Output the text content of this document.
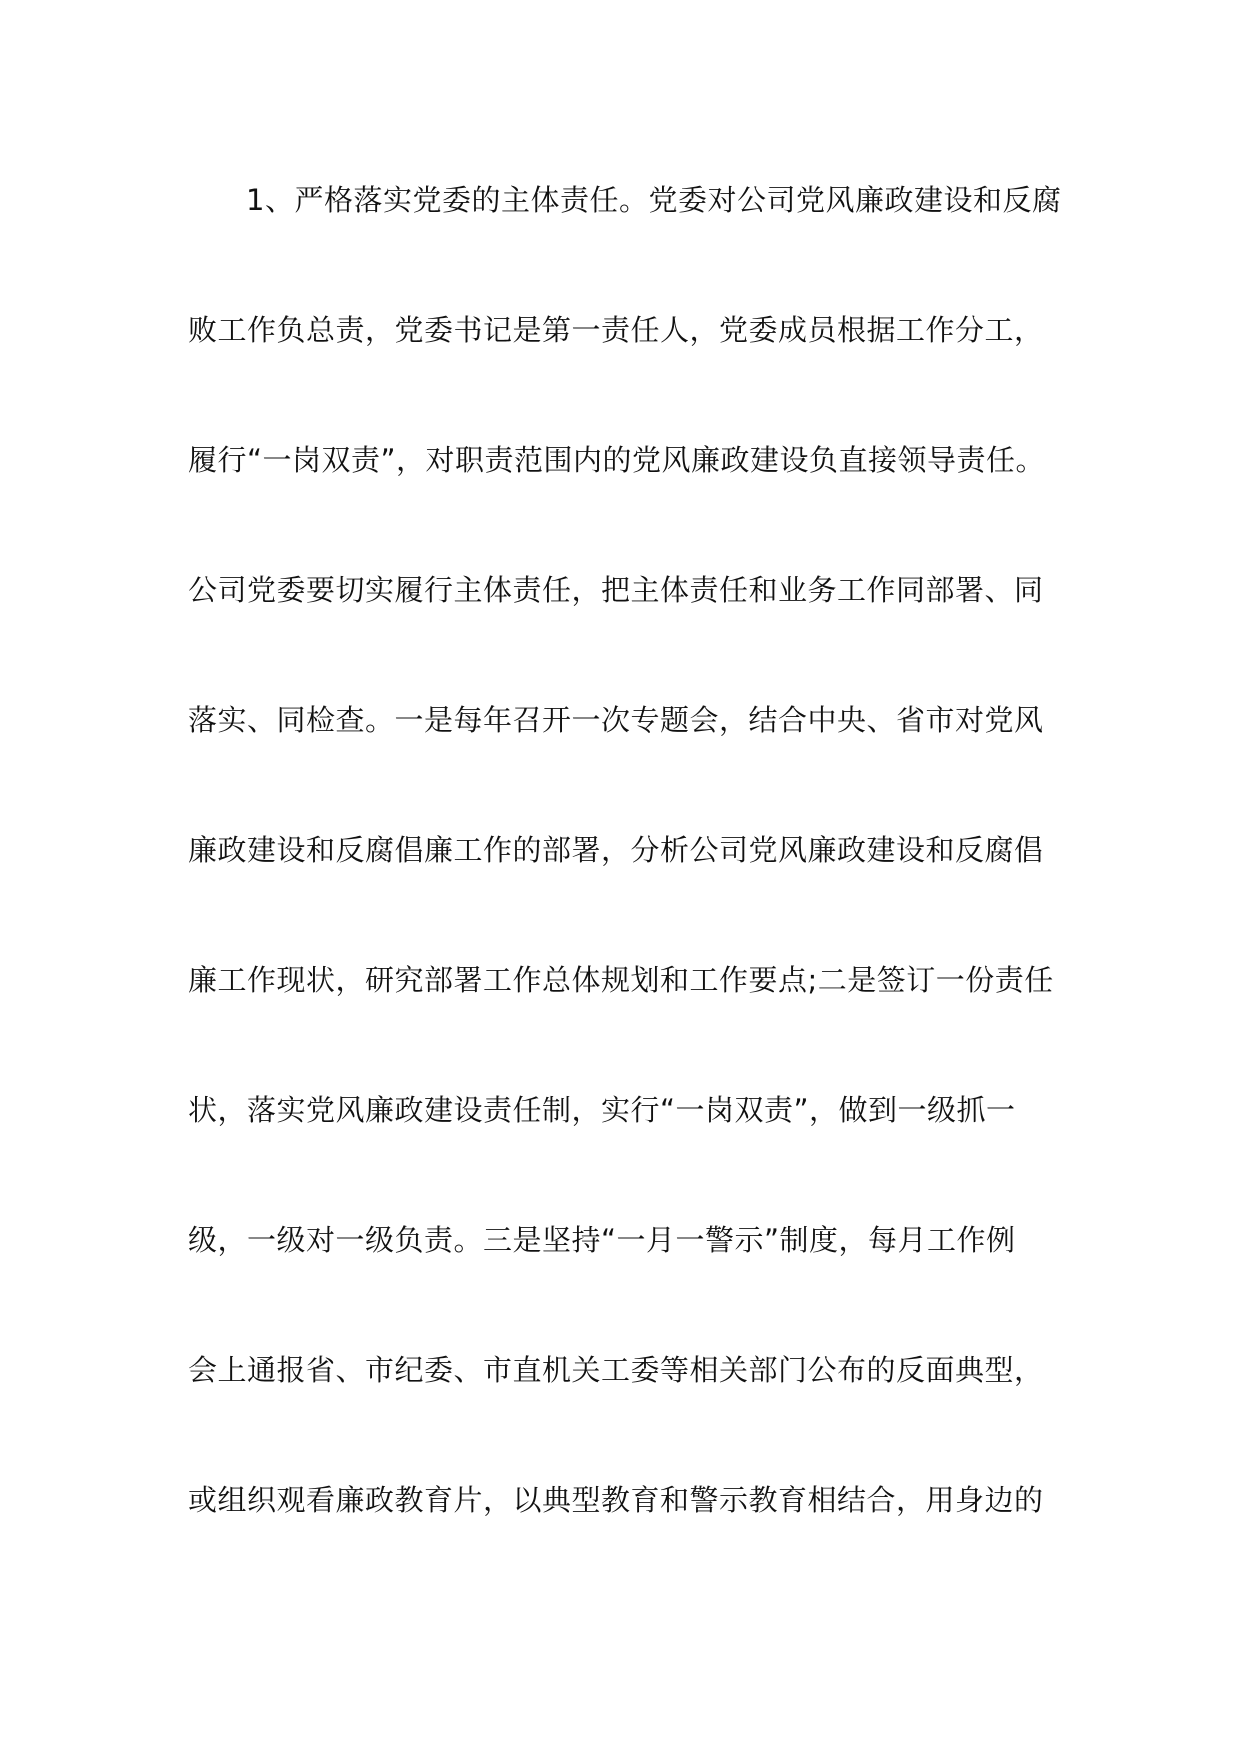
1、严格落实党委的主体责任。党委对公司党风廉政建设和反腐
败工作负总责，党委书记是第一责任人，党委成员根据工作分工，
履行“一岗双责”，对职责范围内的党风廉政建设负直接领导责任。
公司党委要切实履行主体责任，把主体责任和业务工作同部署、同
落实、同检查。一是每年召开一次专题会，结合中央、省市对党风
廉政建设和反腐倡廉工作的部署，分析公司党风廉政建设和反腐倡
廉工作现状，研究部署工作总体规划和工作要点;二是签订一份责任
状，落实党风廉政建设责任制，实行“一岗双责”，做到一级抓一
级，一级对一级负责。三是坚持“一月一警示”制度，每月工作例
会上通报省、市纪委、市直机关工委等相关部门公布的反面典型，
或组织观看廉政教育片，以典型教育和警示教育相结合，用身边的
